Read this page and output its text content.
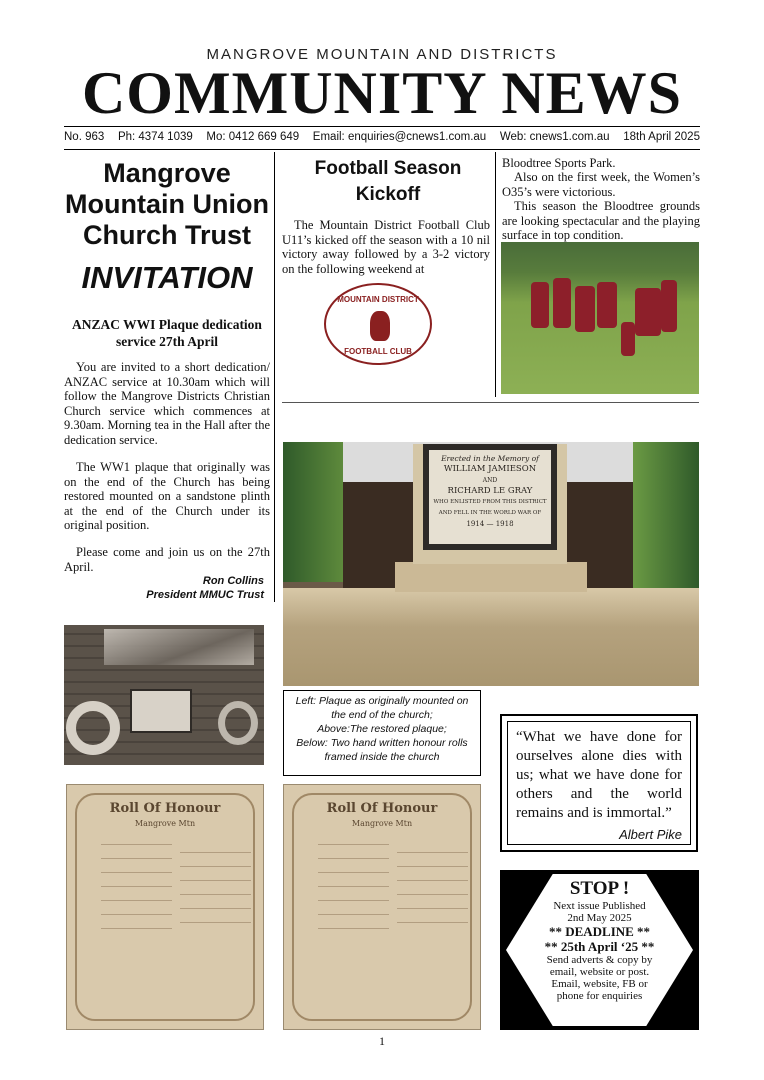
MANGROVE MOUNTAIN AND DISTRICTS
COMMUNITY NEWS
No. 963 Ph: 4374 1039 Mo: 0412 669 649 Email: enquiries@cnews1.com.au Web: cnews1.com.au 18th April 2025
Mangrove Mountain Union Church Trust
INVITATION
ANZAC WWI Plaque dedication service 27th April
You are invited to a short dedication/ ANZAC service at 10.30am which will follow the Mangrove Districts Christian Church service which commences at 9.30am. Morning tea in the Hall after the dedication service.
The WW1 plaque that originally was on the end of the Church has being restored mounted on a sandstone plinth at the end of the Church under its original position.
Please come and join us on the 27th April.
Ron Collins
President MMUC Trust
Football Season Kickoff
The Mountain District Football Club U11’s kicked off the season with a 10 nil victory away followed by a 3-2 victory on the following weekend at
MOUNTAIN DISTRICT
FOOTBALL CLUB
Bloodtree Sports Park.
Also on the first week, the Women’s O35’s were victorious.
This season the Bloodtree grounds are looking spectacular and the playing surface in top condition.
Erected in the Memory of
WILLIAM JAMIESON
AND
RICHARD LE GRAY
WHO ENLISTED FROM THIS DISTRICT
AND FELL IN THE WORLD WAR OF
1914 — 1918
Left: Plaque as originally mounted on the end of the church;
Above:The restored plaque;
Below: Two hand written honour rolls framed inside the church
“What we have done for ourselves alone dies with us; what we have done for others and the world remains and is immortal.”
Albert Pike
STOP !
Next issue Published
2nd May 2025
** DEADLINE **
** 25th April ‘25 **
Send adverts & copy by email, website or post.
Email, website, FB or phone for enquiries
Roll Of Honour
Mangrove Mtn
Roll Of Honour
Mangrove Mtn
1
